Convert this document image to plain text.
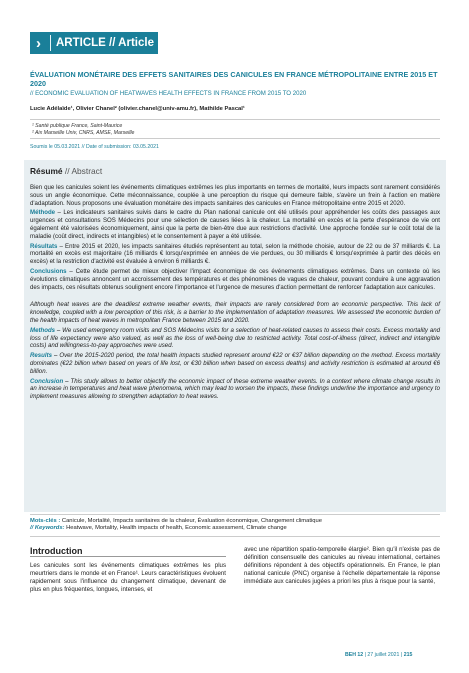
›	ARTICLE // Article
ÉVALUATION MONÉTAIRE DES EFFETS SANITAIRES DES CANICULES EN FRANCE MÉTROPOLITAINE ENTRE 2015 ET 2020
// ECONOMIC EVALUATION OF HEATWAVES HEALTH EFFECTS IN FRANCE FROM 2015 TO 2020
Lucie Adélaïde¹, Olivier Chanel² (olivier.chanel@univ-amu.fr), Mathilde Pascal¹
¹ Santé publique France, Saint-Maurice
² Aix Marseille Univ, CNRS, AMSE, Marseille
Soumis le 05.03.2021 // Date of submission: 03.05.2021
Résumé // Abstract

Bien que les canicules soient les événements climatiques extrêmes les plus importants en termes de mortalité, leurs impacts sont rarement considérés sous un angle économique. Cette méconnaissance, couplée à une perception du risque qui demeure faible, s'avère un frein à l'action en matière d'adaptation. Nous proposons une évaluation monétaire des impacts sanitaires des canicules en France métropolitaine entre 2015 et 2020.

Méthode – Les indicateurs sanitaires suivis dans le cadre du Plan national canicule ont été utilisés pour appréhender les coûts des passages aux urgences et consultations SOS Médecins pour une sélection de causes liées à la chaleur. La mortalité en excès et la perte d'espérance de vie ont également été valorisées économiquement, ainsi que la perte de bien-être due aux restrictions d'activité. Une approche fondée sur le coût total de la maladie (coût direct, indirects et intangibles) et le consentement à payer a été utilisée.

Résultats – Entre 2015 et 2020, les impacts sanitaires étudiés représentent au total, selon la méthode choisie, autour de 22 ou de 37 milliards €. La mortalité en excès est majoritaire (16 milliards € lorsqu'exprimée en années de vie perdues, ou 30 milliards € lorsqu'exprimée à partir des décès en excès) et la restriction d'activité est évaluée à environ 6 milliards €.

Conclusions – Cette étude permet de mieux objectiver l'impact économique de ces événements climatiques extrêmes. Dans un contexte où les évolutions climatiques annoncent un accroissement des températures et des phénomènes de vagues de chaleur, pouvant conduire à une aggravation des impacts, ces résultats obtenus soulignent encore l'importance et l'urgence de mesures d'action permettant de renforcer l'adaptation aux canicules.

Although heat waves are the deadliest extreme weather events, their impacts are rarely considered from an economic perspective. This lack of knowledge, coupled with a low perception of this risk, is a barrier to the implementation of adaptation measures. We assessed the economic burden of the health impacts of heat waves in metropolitan France between 2015 and 2020.

Methods – We used emergency room visits and SOS Médecins visits for a selection of heat-related causes to assess their costs. Excess mortality and loss of life expectancy were also valued, as well as the loss of well-being due to restricted activity. Total cost-of-illness (direct, indirect and intangible costs) and willingness-to-pay approaches were used.

Results – Over the 2015-2020 period, the total health impacts studied represent around €22 or €37 billion depending on the method. Excess mortality dominates (€22 billion when based on years of life lost, or €30 billion when based on excess deaths) and activity restriction is estimated at around €6 billion.

Conclusion – This study allows to better objectify the economic impact of these extreme weather events. In a context where climate change results in an increase in temperatures and heat wave phenomena, which may lead to worsen the impacts, these findings underline the importance and urgency to implement measures allowing to strengthen adaptation to heat waves.

Mots-clés : Canicule, Mortalité, Impacts sanitaires de la chaleur, Évaluation économique, Changement climatique
// Keywords: Heatwave, Mortality, Health impacts of health, Economic assessment, Climate change
Introduction
Les canicules sont les événements climatiques extrêmes les plus meurtriers dans le monde et en France¹. Leurs caractéristiques évoluent rapidement sous l'influence du changement climatique, devenant de plus en plus fréquentes, longues, intenses, et
avec une répartition spatio-temporelle élargie². Bien qu'il n'existe pas de définition consensuelle des canicules au niveau international, certaines définitions répondent à des objectifs opérationnels. En France, le plan national canicule (PNC) organise à l'échelle départementale la réponse immédiate aux canicules jugées a priori les plus à risque pour la santé,
BEH 12 | 27 juillet 2021 | 215
